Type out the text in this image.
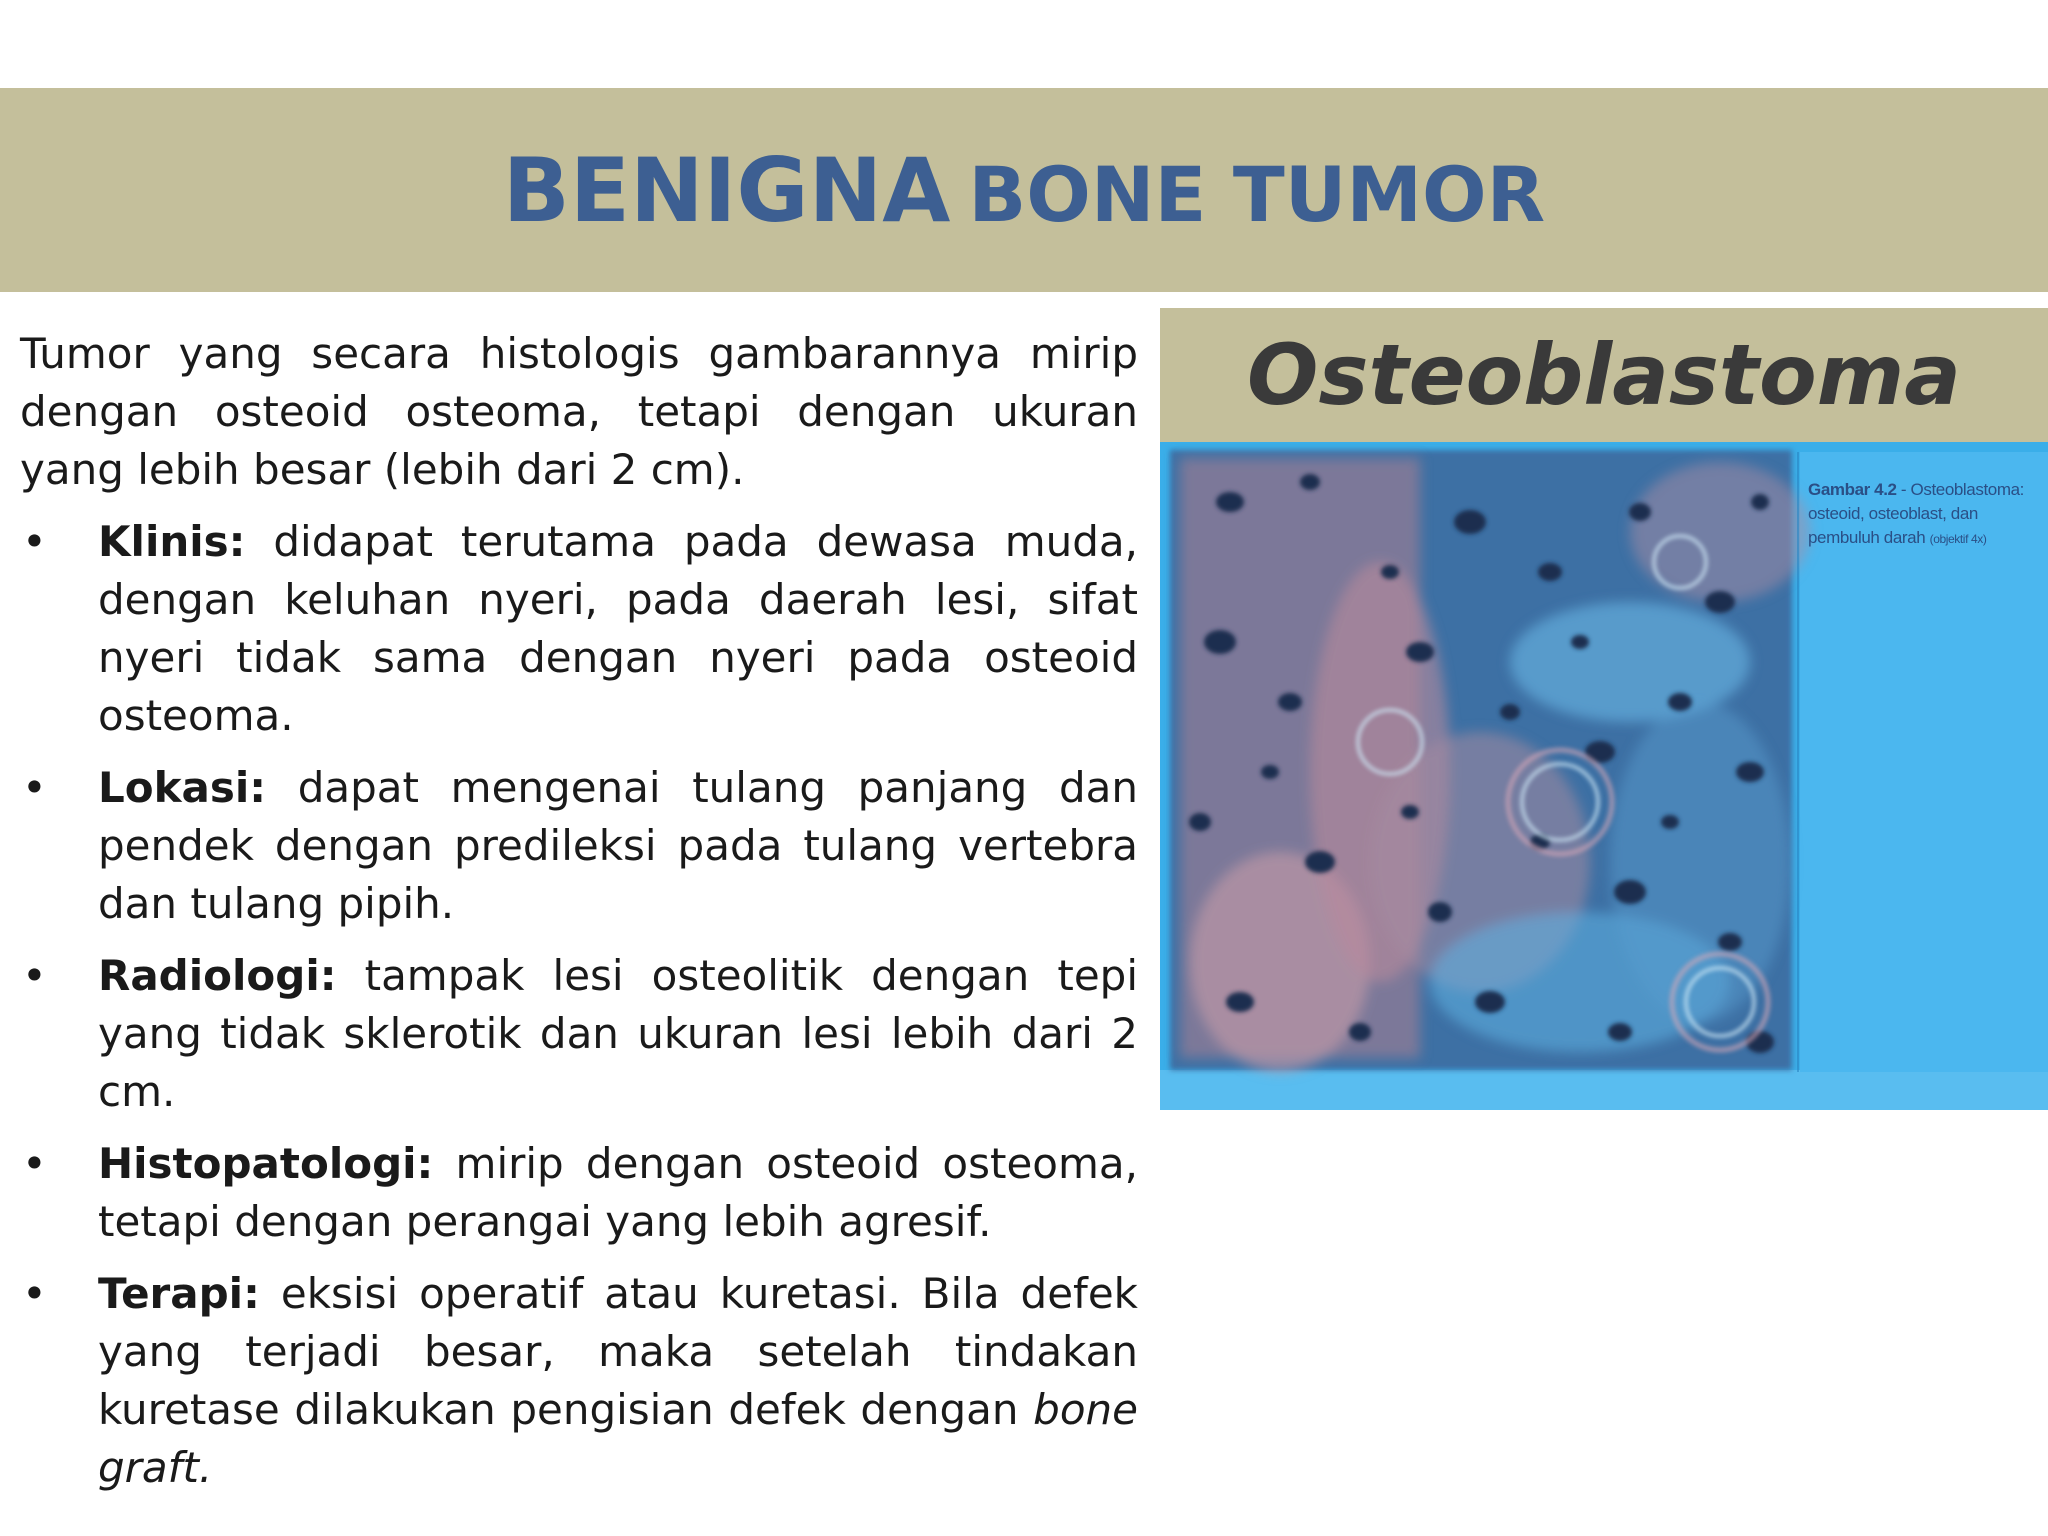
BENIGNA BONE TUMOR

Tumor yang secara histologis gambarannya mirip dengan osteoid osteoma, tetapi dengan ukuran yang lebih besar (lebih dari 2 cm).

• Klinis: didapat terutama pada dewasa muda, dengan keluhan nyeri, pada daerah lesi, sifat nyeri tidak sama dengan nyeri pada osteoid osteoma.
• Lokasi: dapat mengenai tulang panjang dan pendek dengan predileksi pada tulang vertebra dan tulang pipih.
• Radiologi: tampak lesi osteolitik dengan tepi yang tidak sklerotik dan ukuran lesi lebih dari 2 cm.
• Histopatologi: mirip dengan osteoid osteoma, tetapi dengan perangai yang lebih agresif.
• Terapi: eksisi operatif atau kuretasi. Bila defek yang terjadi besar, maka setelah tindakan kuretase dilakukan pengisian defek dengan bone graft.
Osteoblastoma
Gambar 4.2 - Osteoblastoma: osteoid, osteoblast, dan pembuluh darah (objektif 4x)
